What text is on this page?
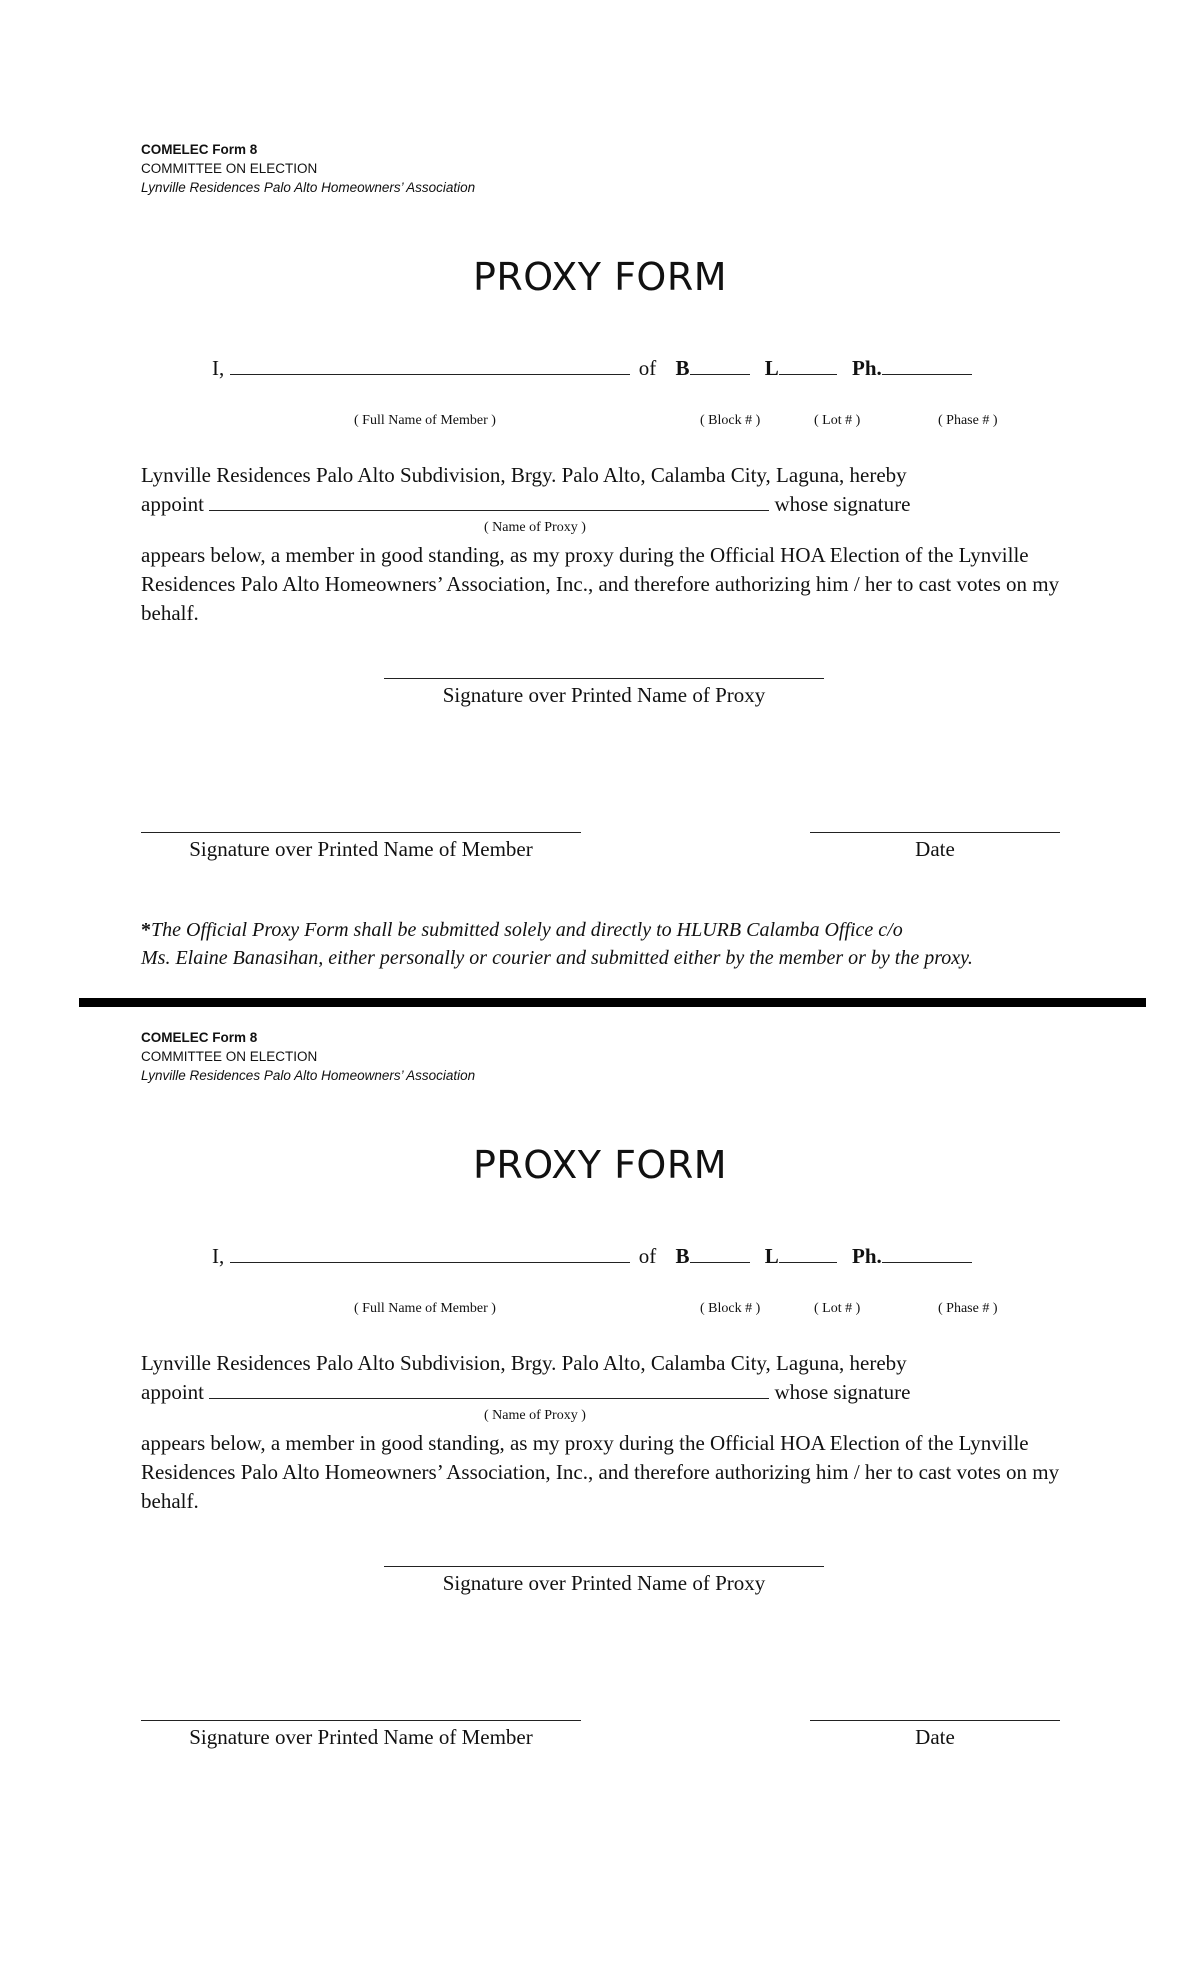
COMELEC Form 8
COMMITTEE ON ELECTION
Lynville Residences Palo Alto Homeowners’ Association
PROXY FORM
I,	of B	L	Ph.
( Full Name of Member )	( Block # )	( Lot # )	( Phase # )
Lynville Residences Palo Alto Subdivision, Brgy. Palo Alto, Calamba City, Laguna, hereby
appoint	whose signature
( Name of Proxy )
appears below, a member in good standing, as my proxy during the Official HOA Election of the Lynville Residences Palo Alto Homeowners’ Association, Inc., and therefore authorizing him / her to cast votes on my behalf.
Signature over Printed Name of Proxy
Signature over Printed Name of Member	Date
*The Official Proxy Form shall be submitted solely and directly to HLURB Calamba Office c/o
Ms. Elaine Banasihan, either personally or courier and submitted either by the member or by the proxy.
COMELEC Form 8
COMMITTEE ON ELECTION
Lynville Residences Palo Alto Homeowners’ Association
PROXY FORM
I,	of B	L	Ph.
( Full Name of Member )	( Block # )	( Lot # )	( Phase # )
Lynville Residences Palo Alto Subdivision, Brgy. Palo Alto, Calamba City, Laguna, hereby
appoint	whose signature
( Name of Proxy )
appears below, a member in good standing, as my proxy during the Official HOA Election of the Lynville Residences Palo Alto Homeowners’ Association, Inc., and therefore authorizing him / her to cast votes on my behalf.
Signature over Printed Name of Proxy
Signature over Printed Name of Member	Date
